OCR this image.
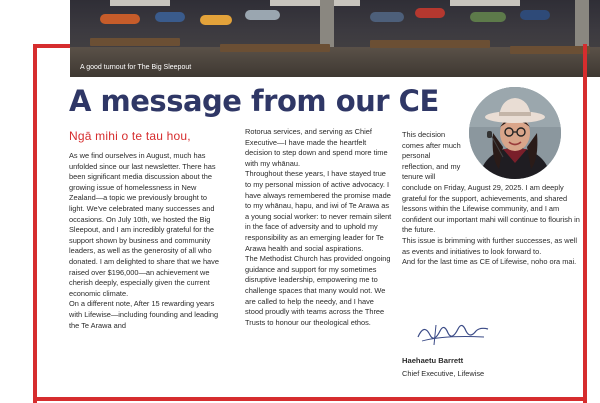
A good turnout for The Big Sleepout
A message from our CE
Ngā mihi o te tau hou,

As we find ourselves in August, much has unfolded since our last newsletter. There has been significant media discussion about the growing issue of homelessness in New Zealand—a topic we previously brought to light. We've celebrated many successes and occasions. On July 10th, we hosted the Big Sleepout, and I am incredibly grateful for the support shown by business and community leaders, as well as the generosity of all who donated. I am delighted to share that we have raised over $196,000—an achievement we cherish deeply, especially given the current economic climate.

On a different note, After 15 rewarding years with Lifewise—including founding and leading the Te Arawa and

Rotorua services, and serving as Chief Executive—I have made the heartfelt decision to step down and spend more time with my whānau.

Throughout these years, I have stayed true to my personal mission of active advocacy. I have always remembered the promise made to my whānau, hapu, and iwi of Te Arawa as a young social worker: to never remain silent in the face of adversity and to uphold my responsibility as an emerging leader for Te Arawa health and social aspirations.

The Methodist Church has provided ongoing guidance and support for my sometimes disruptive leadership, empowering me to challenge spaces that many would not. We are called to help the needy, and I have stood proudly with teams across the Three Trusts to honour our theological ethos.

This decision comes after much personal reflection, and my tenure will

conclude on Friday, August 29, 2025. I am deeply grateful for the support, achievements, and shared lessons within the Lifewise community, and I am confident our important mahi will continue to flourish in the future.

This issue is brimming with further successes, as well as events and initiatives to look forward to.

And for the last time as CE of Lifewise, noho ora mai.

Haehaetu Barrett
Chief Executive, Lifewise
